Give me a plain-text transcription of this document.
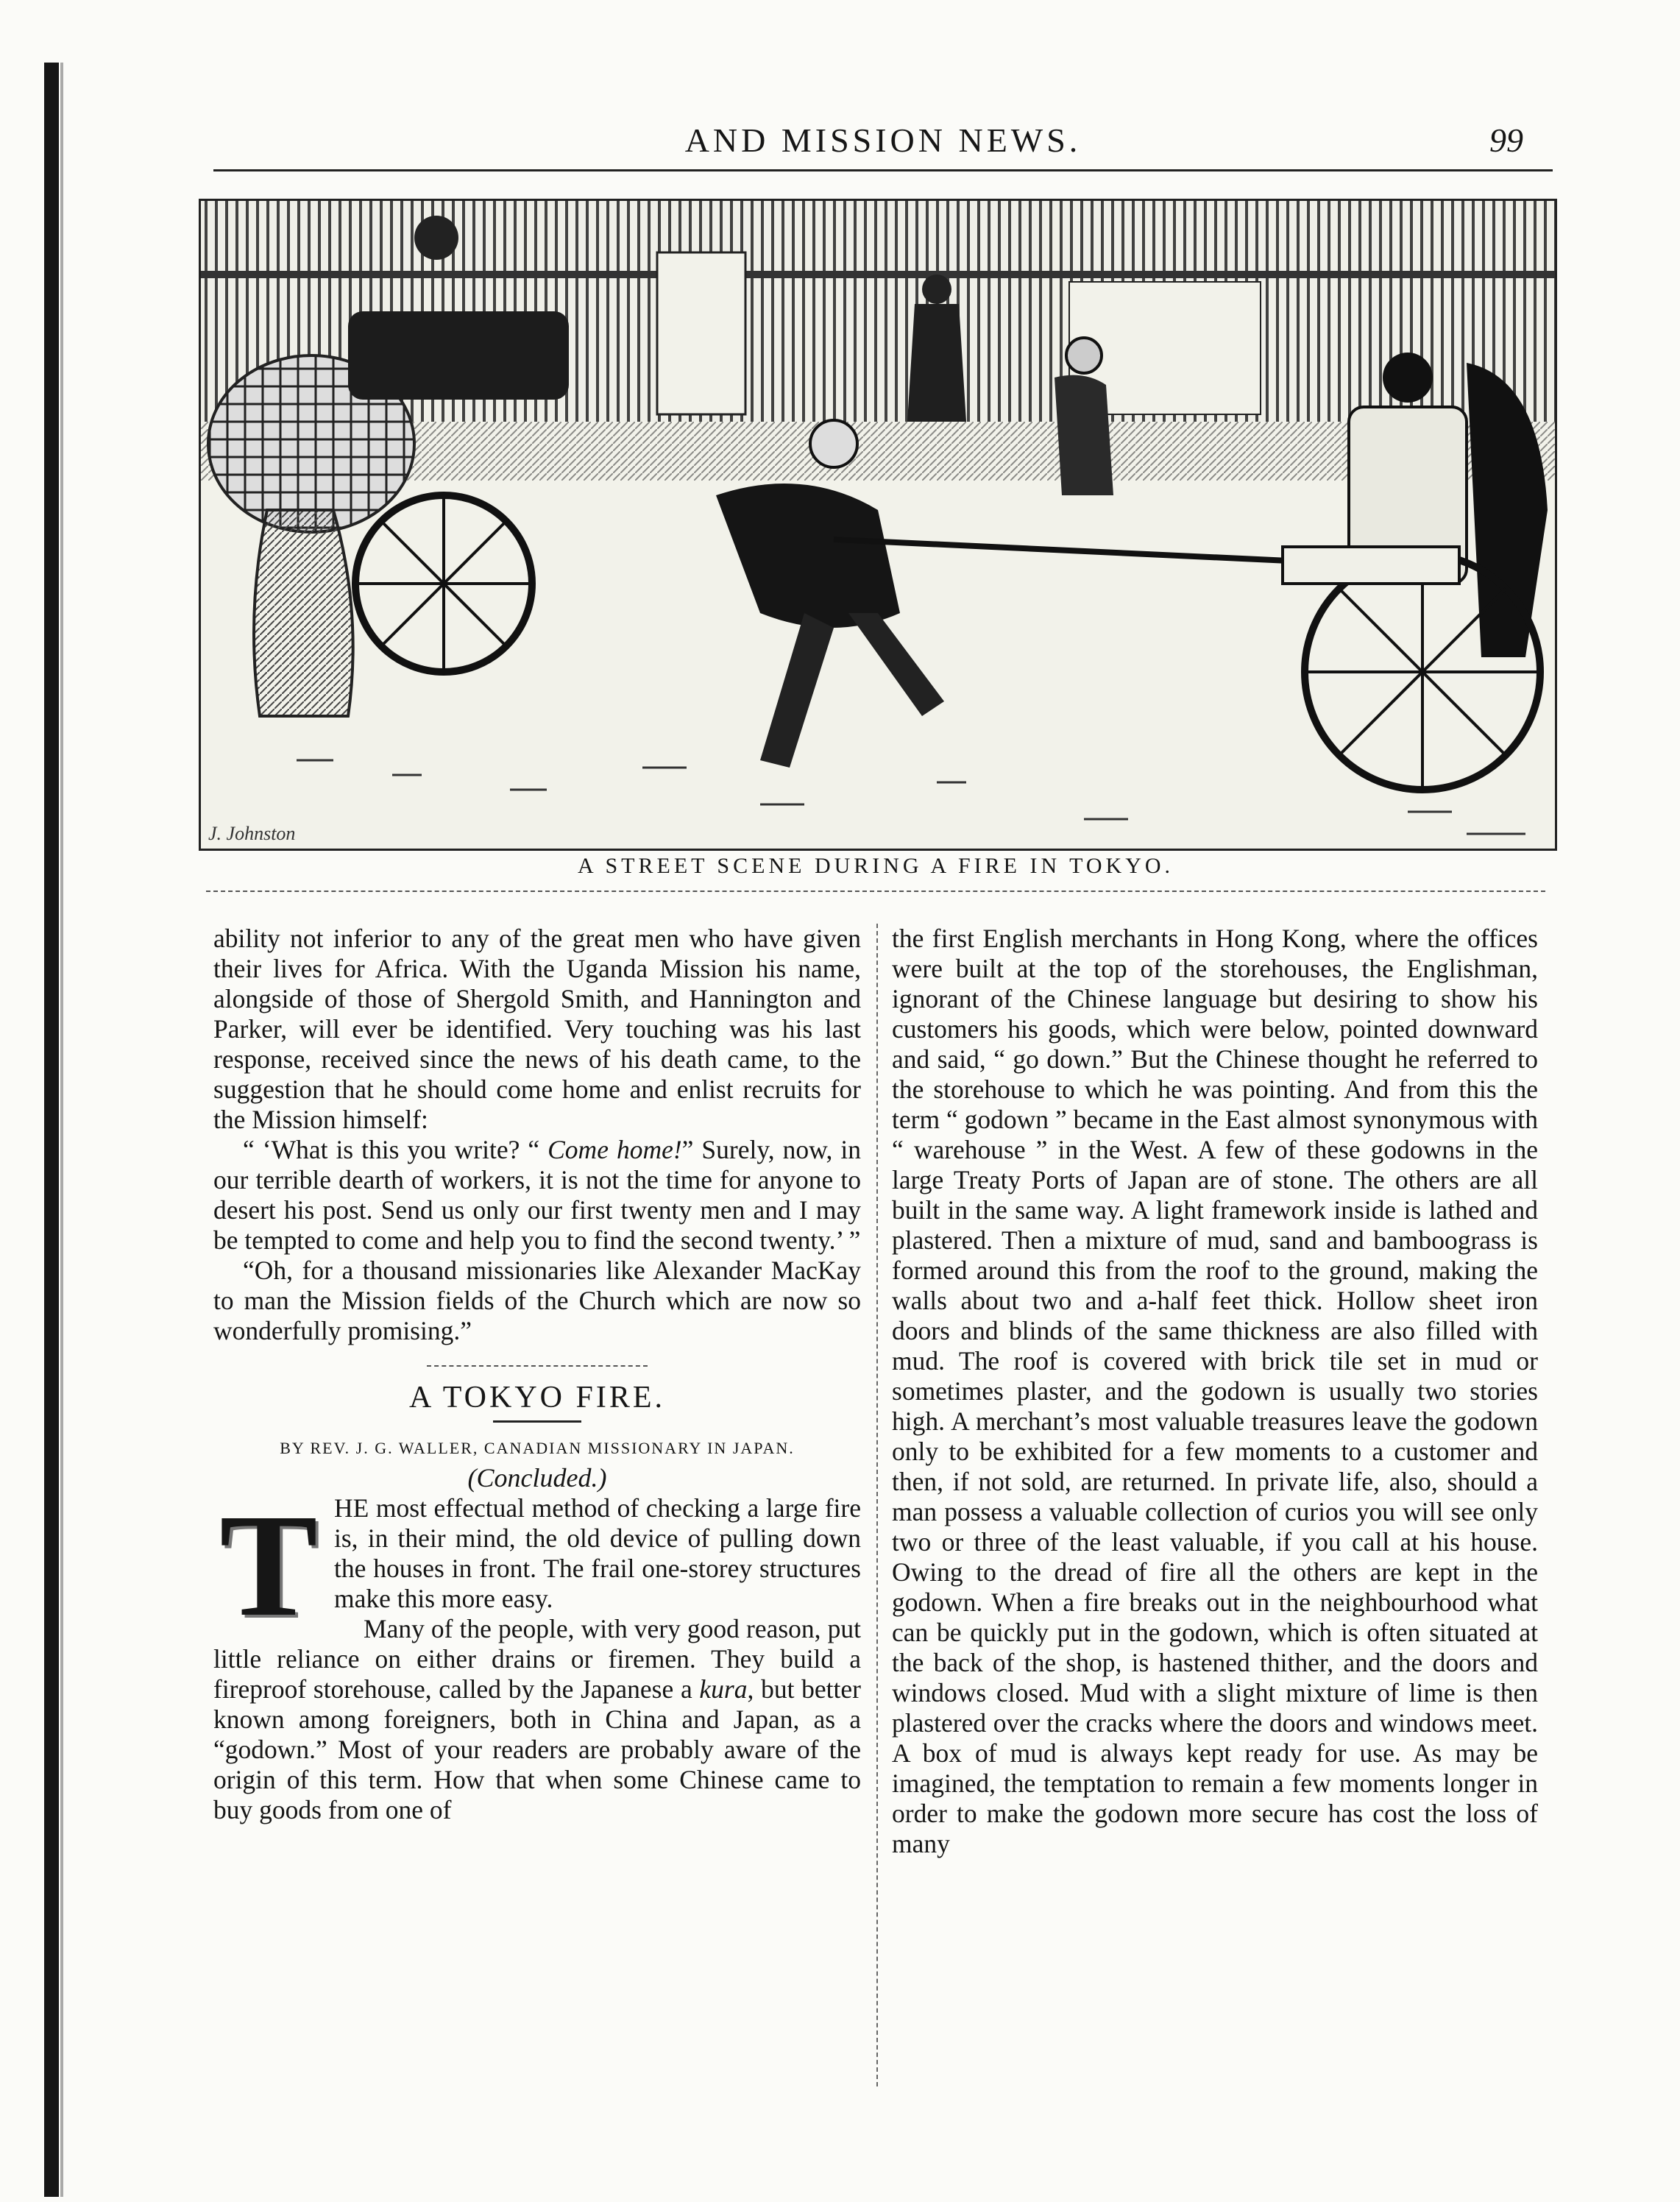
AND MISSION NEWS.	99
J. Johnston
A STREET SCENE DURING A FIRE IN TOKYO.

ability not inferior to any of the great men who have given their lives for Africa. With the Uganda Mission his name, alongside of those of Shergold Smith, and Hannington and Parker, will ever be identified. Very touching was his last response, received since the news of his death came, to the suggestion that he should come home and enlist recruits for the Mission himself:

“ ‘What is this you write? “ Come home!” Surely, now, in our terrible dearth of workers, it is not the time for anyone to desert his post. Send us only our first twenty men and I may be tempted to come and help you to find the second twenty.’ ”

“Oh, for a thousand missionaries like Alexander MacKay to man the Mission fields of the Church which are now so wonderfully promising.”

A TOKYO FIRE.

BY REV. J. G. WALLER, CANADIAN MISSIONARY IN JAPAN.

(Concluded.)

T HE most effectual method of checking a large fire is, in their mind, the old device of pulling down the houses in front. The frail one-storey structures make this more easy.

Many of the people, with very good reason, put little reliance on either drains or firemen. They build a fireproof storehouse, called by the Japanese a kura, but better known among foreigners, both in China and Japan, as a “godown.” Most of your readers are probably aware of the origin of this term. How that when some Chinese came to buy goods from one of

the first English merchants in Hong Kong, where the offices were built at the top of the storehouses, the Englishman, ignorant of the Chinese language but desiring to show his customers his goods, which were below, pointed downward and said, “ go down.” But the Chinese thought he referred to the storehouse to which he was pointing. And from this the term “ godown ” became in the East almost synonymous with “ warehouse ” in the West. A few of these godowns in the large Treaty Ports of Japan are of stone. The others are all built in the same way. A light framework inside is lathed and plastered. Then a mixture of mud, sand and bamboograss is formed around this from the roof to the ground, making the walls about two and a-half feet thick. Hollow sheet iron doors and blinds of the same thickness are also filled with mud. The roof is covered with brick tile set in mud or sometimes plaster, and the godown is usually two stories high. A merchant’s most valuable treasures leave the godown only to be exhibited for a few moments to a customer and then, if not sold, are returned. In private life, also, should a man possess a valuable collection of curios you will see only two or three of the least valuable, if you call at his house. Owing to the dread of fire all the others are kept in the godown. When a fire breaks out in the neighbourhood what can be quickly put in the godown, which is often situated at the back of the shop, is hastened thither, and the doors and windows closed. Mud with a slight mixture of lime is then plastered over the cracks where the doors and windows meet. A box of mud is always kept ready for use. As may be imagined, the temptation to remain a few moments longer in order to make the godown more secure has cost the loss of many
